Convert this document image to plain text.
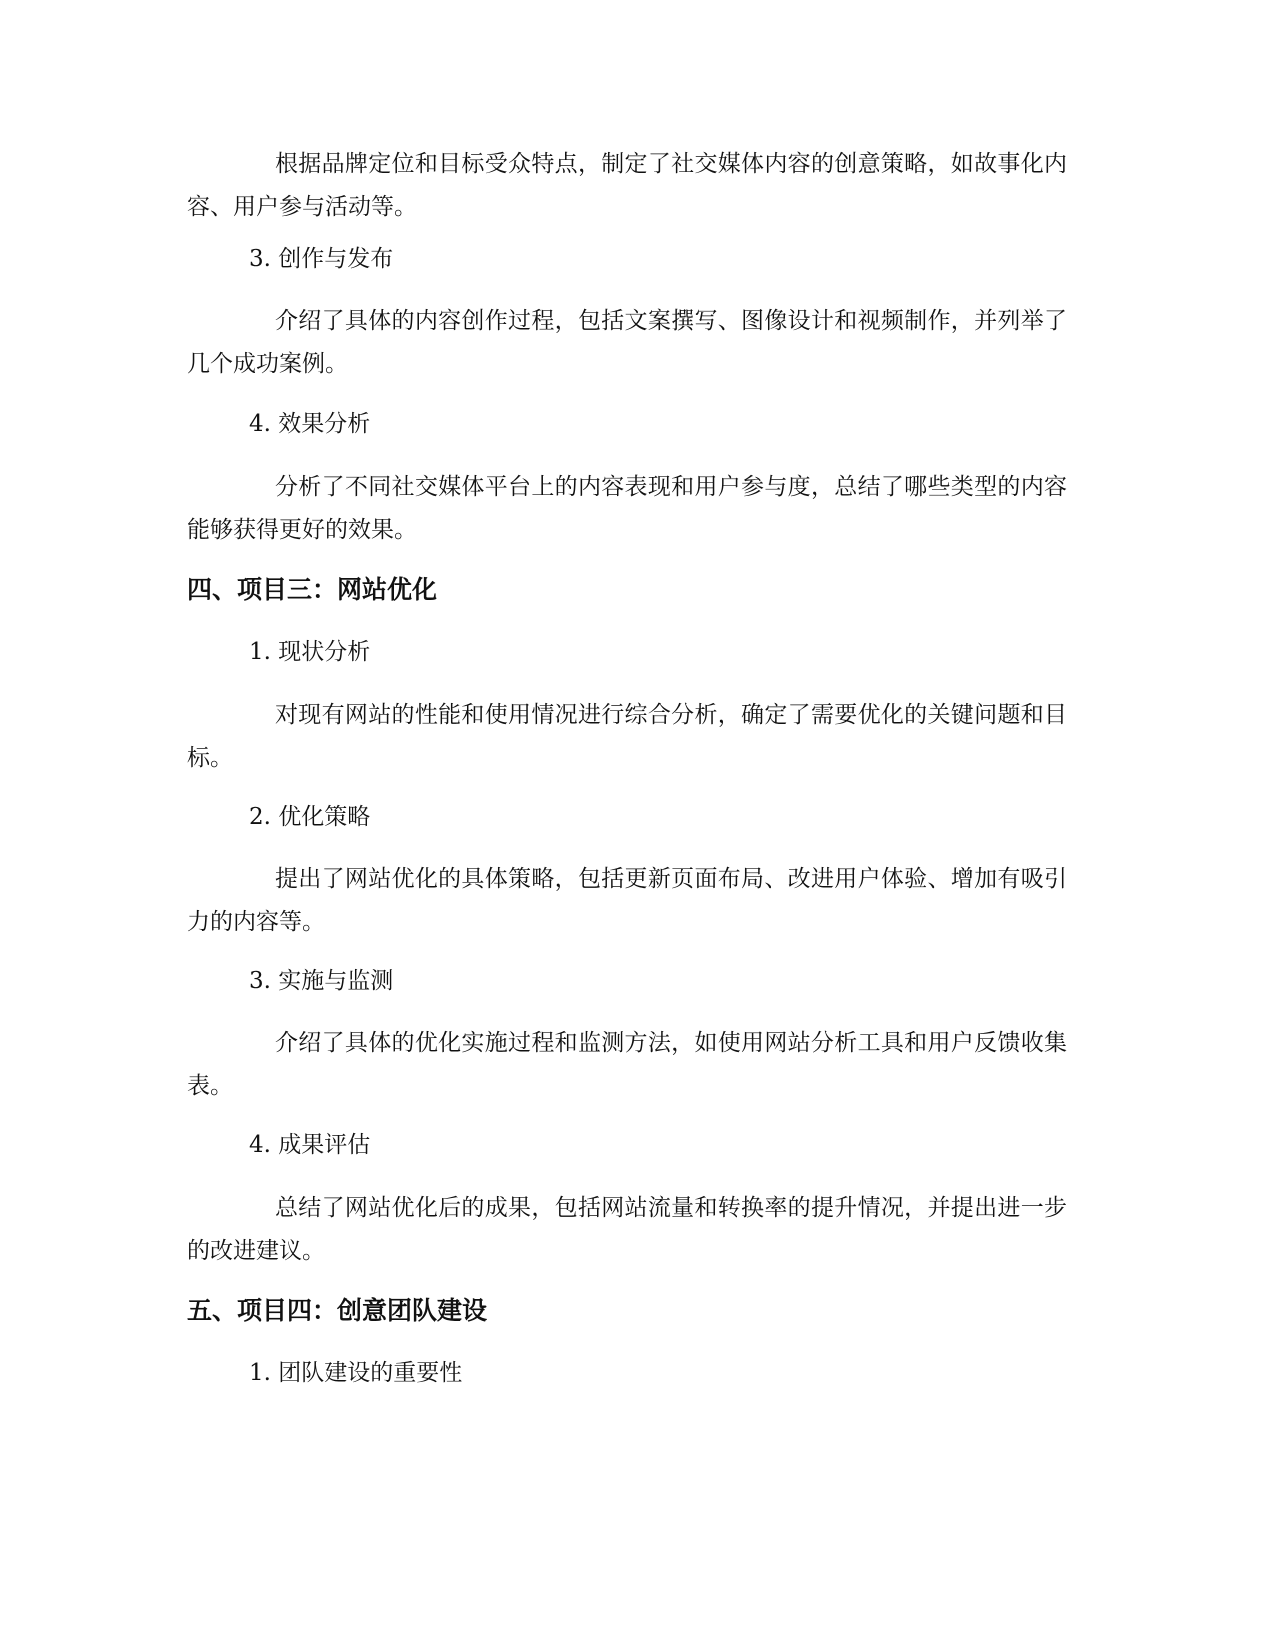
根据品牌定位和目标受众特点，制定了社交媒体内容的创意策略，如故事化内容、用户参与活动等。

3. 创作与发布

介绍了具体的内容创作过程，包括文案撰写、图像设计和视频制作，并列举了几个成功案例。

4. 效果分析

分析了不同社交媒体平台上的内容表现和用户参与度，总结了哪些类型的内容能够获得更好的效果。

四、项目三：网站优化

1. 现状分析

对现有网站的性能和使用情况进行综合分析，确定了需要优化的关键问题和目标。

2. 优化策略

提出了网站优化的具体策略，包括更新页面布局、改进用户体验、增加有吸引力的内容等。

3. 实施与监测

介绍了具体的优化实施过程和监测方法，如使用网站分析工具和用户反馈收集表。

4. 成果评估

总结了网站优化后的成果，包括网站流量和转换率的提升情况，并提出进一步的改进建议。

五、项目四：创意团队建设

1. 团队建设的重要性
